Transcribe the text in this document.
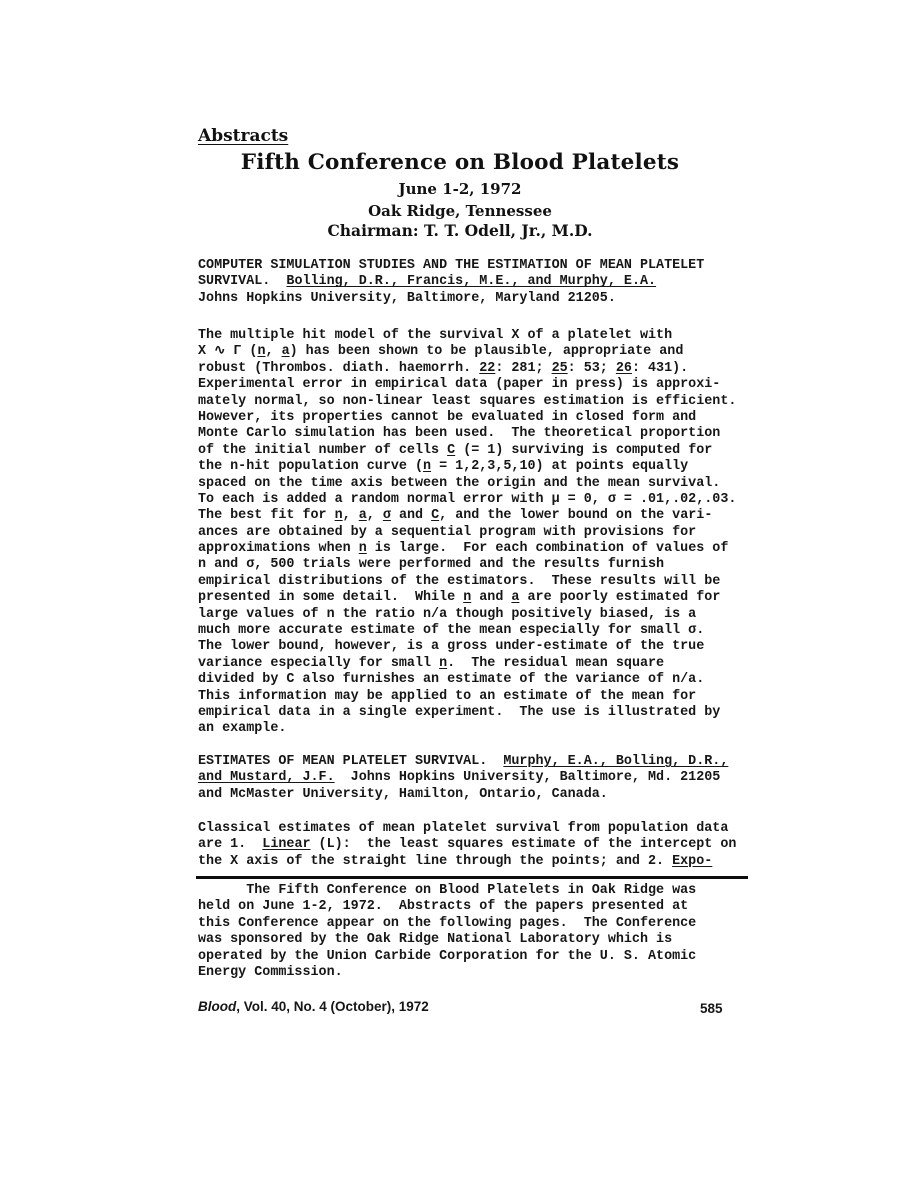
Abstracts
Fifth Conference on Blood Platelets
June 1-2, 1972
Oak Ridge, Tennessee
Chairman: T. T. Odell, Jr., M.D.
COMPUTER SIMULATION STUDIES AND THE ESTIMATION OF MEAN PLATELET
SURVIVAL.  Bolling, D.R., Francis, M.E., and Murphy, E.A.
Johns Hopkins University, Baltimore, Maryland 21205.
The multiple hit model of the survival X of a platelet with
X ∿ Γ (n, a) has been shown to be plausible, appropriate and
robust (Thrombos. diath. haemorrh. 22: 281; 25: 53; 26: 431).
Experimental error in empirical data (paper in press) is approxi-
mately normal, so non-linear least squares estimation is efficient.
However, its properties cannot be evaluated in closed form and
Monte Carlo simulation has been used.  The theoretical proportion
of the initial number of cells C (= 1) surviving is computed for
the n-hit population curve (n = 1,2,3,5,10) at points equally
spaced on the time axis between the origin and the mean survival.
To each is added a random normal error with μ = 0, σ = .01,.02,.03.
The best fit for n, a, σ and C, and the lower bound on the vari-
ances are obtained by a sequential program with provisions for
approximations when n is large.  For each combination of values of
n and σ, 500 trials were performed and the results furnish
empirical distributions of the estimators.  These results will be
presented in some detail.  While n and a are poorly estimated for
large values of n the ratio n/a though positively biased, is a
much more accurate estimate of the mean especially for small σ.
The lower bound, however, is a gross under-estimate of the true
variance especially for small n.  The residual mean square
divided by C also furnishes an estimate of the variance of n/a.
This information may be applied to an estimate of the mean for
empirical data in a single experiment.  The use is illustrated by
an example.
ESTIMATES OF MEAN PLATELET SURVIVAL.  Murphy, E.A., Bolling, D.R.,
and Mustard, J.F.  Johns Hopkins University, Baltimore, Md. 21205
and McMaster University, Hamilton, Ontario, Canada.
Classical estimates of mean platelet survival from population data
are 1.  Linear (L):  the least squares estimate of the intercept on
the X axis of the straight line through the points; and 2. Expo-
The Fifth Conference on Blood Platelets in Oak Ridge was
held on June 1-2, 1972.  Abstracts of the papers presented at
this Conference appear on the following pages.  The Conference
was sponsored by the Oak Ridge National Laboratory which is
operated by the Union Carbide Corporation for the U. S. Atomic
Energy Commission.
Blood, Vol. 40, No. 4 (October), 1972	585
